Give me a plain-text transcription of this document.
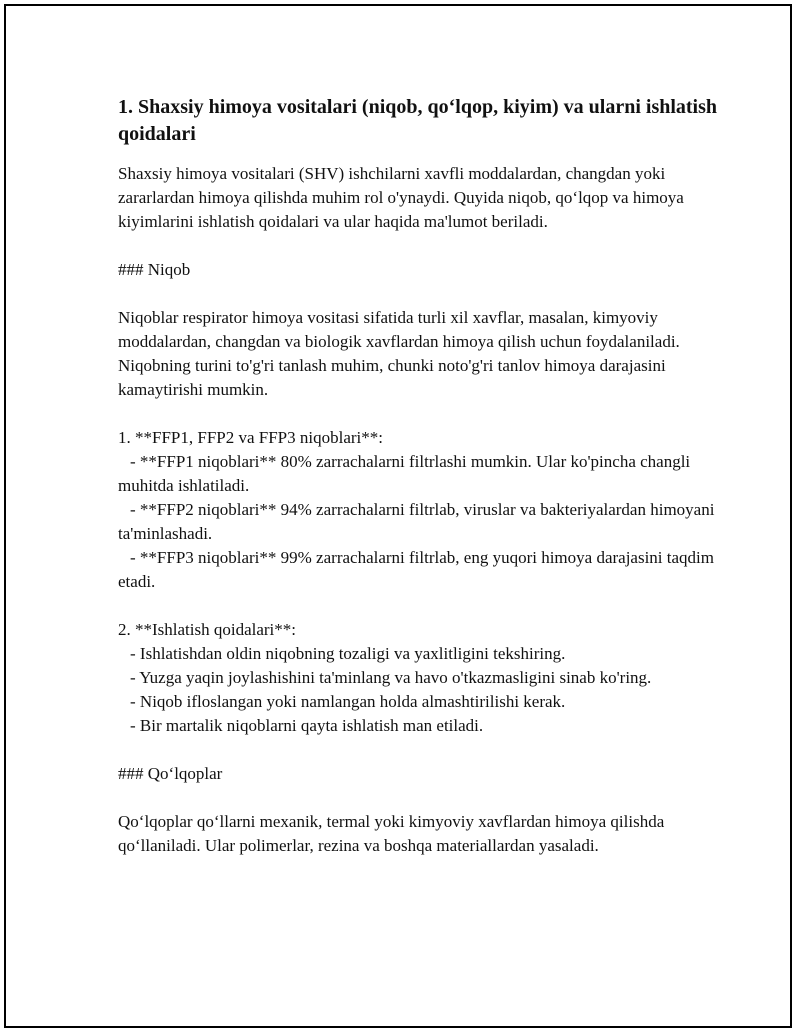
1. Shaxsiy himoya vositalari (niqob, qo‘lqop, kiyim) va ularni ishlatish qoidalari

Shaxsiy himoya vositalari (SHV) ishchilarni xavfli moddalardan, changdan yoki zararlardan himoya qilishda muhim rol o'ynaydi. Quyida niqob, qo‘lqop va himoya kiyimlarini ishlatish qoidalari va ular haqida ma'lumot beriladi.

### Niqob

Niqoblar respirator himoya vositasi sifatida turli xil xavflar, masalan, kimyoviy moddalardan, changdan va biologik xavflardan himoya qilish uchun foydalaniladi. Niqobning turini to'g'ri tanlash muhim, chunki noto'g'ri tanlov himoya darajasini kamaytirishi mumkin.

1. **FFP1, FFP2 va FFP3 niqoblari**:

- **FFP1 niqoblari** 80% zarrachalarni filtrlashi mumkin. Ular ko'pincha changli muhitda ishlatiladi.

- **FFP2 niqoblari** 94% zarrachalarni filtrlab, viruslar va bakteriyalardan himoyani ta'minlashadi.

- **FFP3 niqoblari** 99% zarrachalarni filtrlab, eng yuqori himoya darajasini taqdim etadi.

2. **Ishlatish qoidalari**:

- Ishlatishdan oldin niqobning tozaligi va yaxlitligini tekshiring.

- Yuzga yaqin joylashishini ta'minlang va havo o'tkazmasligini sinab ko'ring.

- Niqob ifloslangan yoki namlangan holda almashtirilishi kerak.

- Bir martalik niqoblarni qayta ishlatish man etiladi.

### Qo‘lqoplar

Qo‘lqoplar qo‘llarni mexanik, termal yoki kimyoviy xavflardan himoya qilishda qo‘llaniladi. Ular polimerlar, rezina va boshqa materiallardan yasaladi.
